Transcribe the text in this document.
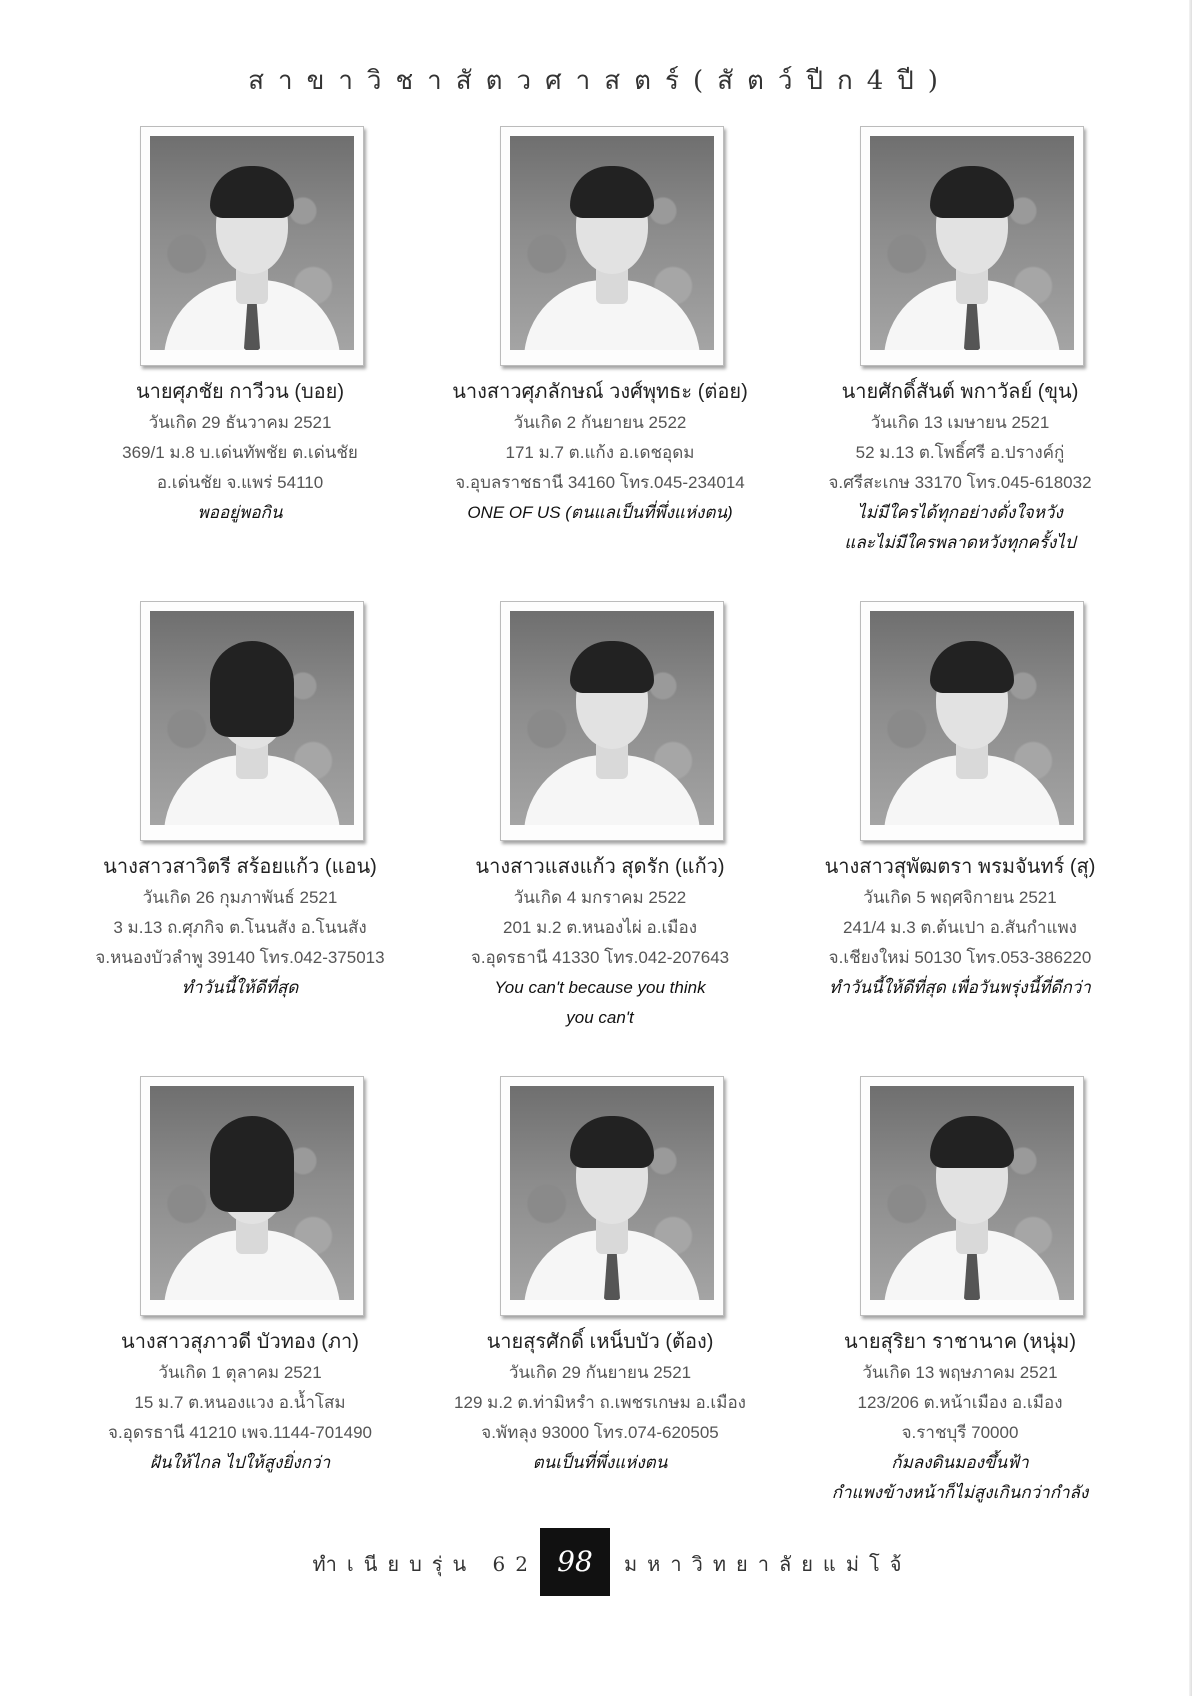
สาขาวิชาสัตวศาสตร์(สัตว์ปีก4ปี)
นายศุภชัย กาวีวน (บอย)
วันเกิด 29 ธันวาคม 2521
369/1 ม.8 บ.เด่นทัพชัย ต.เด่นชัย
อ.เด่นชัย จ.แพร่ 54110
พออยู่พอกิน
นางสาวศุภลักษณ์ วงศ์พุทธะ (ต่อย)
วันเกิด 2 กันยายน 2522
171 ม.7 ต.แก้ง อ.เดชอุดม
จ.อุบลราชธานี 34160 โทร.045-234014
ONE OF US (ตนแลเป็นที่พึ่งแห่งตน)
นายศักดิ์สันต์ พกาวัลย์ (ขุน)
วันเกิด 13 เมษายน 2521
52 ม.13 ต.โพธิ์ศรี อ.ปรางค์กู่
จ.ศรีสะเกษ 33170 โทร.045-618032
ไม่มีใครได้ทุกอย่างดั่งใจหวัง
และไม่มีใครพลาดหวังทุกครั้งไป
นางสาวสาวิตรี สร้อยแก้ว (แอน)
วันเกิด 26 กุมภาพันธ์ 2521
3 ม.13 ถ.ศุภกิจ ต.โนนสัง อ.โนนสัง
จ.หนองบัวลำพู 39140 โทร.042-375013
ทำวันนี้ให้ดีที่สุด
นางสาวแสงแก้ว สุดรัก (แก้ว)
วันเกิด 4 มกราคม 2522
201 ม.2 ต.หนองไผ่ อ.เมือง
จ.อุดรธานี 41330 โทร.042-207643
You can't because you think
you can't
นางสาวสุพัฒตรา พรมจันทร์ (สุ)
วันเกิด 5 พฤศจิกายน 2521
241/4 ม.3 ต.ต้นเปา อ.สันกำแพง
จ.เชียงใหม่ 50130 โทร.053-386220
ทำวันนี้ให้ดีที่สุด เพื่อวันพรุ่งนี้ที่ดีกว่า
นางสาวสุภาวดี บัวทอง (ภา)
วันเกิด 1 ตุลาคม 2521
15 ม.7 ต.หนองแวง อ.น้ำโสม
จ.อุดรธานี 41210 เพจ.1144-701490
ฝันให้ไกล ไปให้สูงยิ่งกว่า
นายสุรศักดิ์ เหน็บบัว (ต้อง)
วันเกิด 29 กันยายน 2521
129 ม.2 ต.ท่ามิหรำ ถ.เพชรเกษม อ.เมือง
จ.พัทลุง 93000 โทร.074-620505
ตนเป็นที่พึ่งแห่งตน
นายสุริยา ราชานาค (หนุ่ม)
วันเกิด 13 พฤษภาคม 2521
123/206 ต.หน้าเมือง อ.เมือง
จ.ราชบุรี 70000
ก้มลงดินมองขึ้นฟ้า
กำแพงข้างหน้าก็ไม่สูงเกินกว่ากำลัง
ทำเนียบรุ่น 62 98	มหาวิทยาลัยแม่โจ้
